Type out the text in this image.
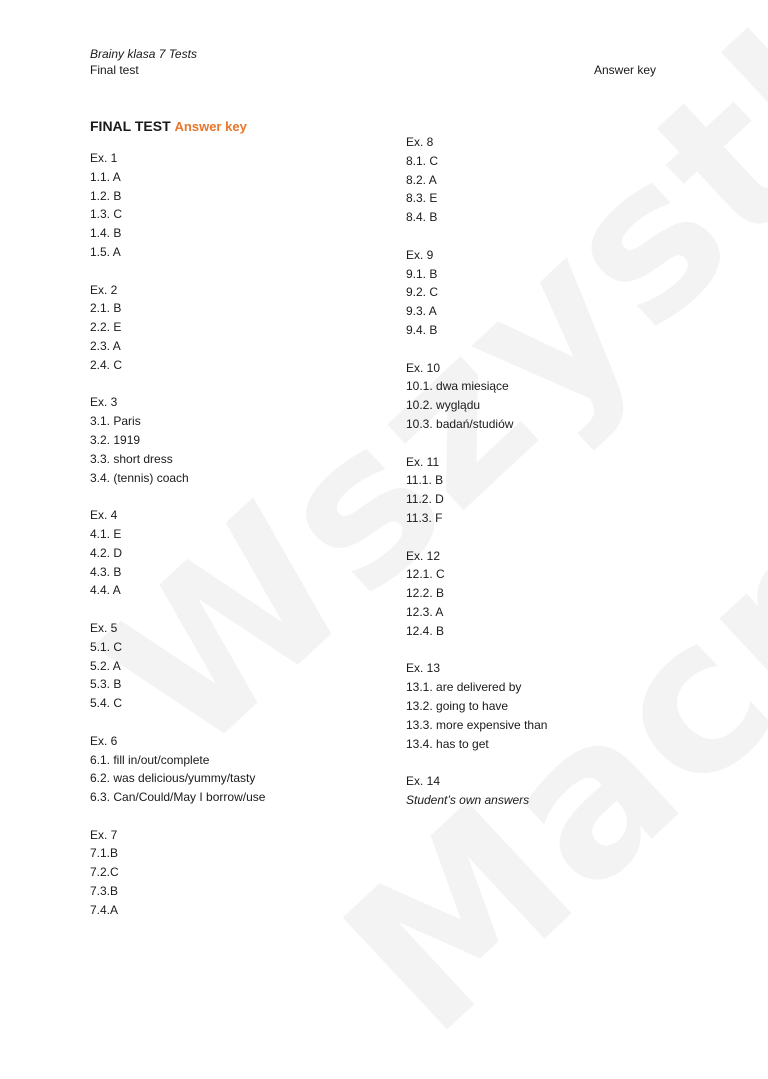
Brainy klasa 7 Tests
Final test	Answer key
FINAL TEST Answer key
Ex. 1
1.1. A
1.2. B
1.3. C
1.4. B
1.5. A
Ex. 2
2.1. B
2.2. E
2.3. A
2.4. C
Ex. 3
3.1. Paris
3.2. 1919
3.3. short dress
3.4. (tennis) coach
Ex. 4
4.1. E
4.2. D
4.3. B
4.4. A
Ex. 5
5.1. C
5.2. A
5.3. B
5.4. C
Ex. 6
6.1. fill in/out/complete
6.2. was delicious/yummy/tasty
6.3. Can/Could/May I borrow/use
Ex. 7
7.1.B
7.2.C
7.3.B
7.4.A
Ex. 8
8.1. C
8.2. A
8.3. E
8.4. B
Ex. 9
9.1. B
9.2. C
9.3. A
9.4. B
Ex. 10
10.1. dwa miesiące
10.2. wyglądu
10.3. badań/studiów
Ex. 11
11.1. B
11.2. D
11.3. F
Ex. 12
12.1. C
12.2. B
12.3. A
12.4. B
Ex. 13
13.1. are delivered by
13.2. going to have
13.3. more expensive than
13.4. has to get
Ex. 14
Student’s own answers
